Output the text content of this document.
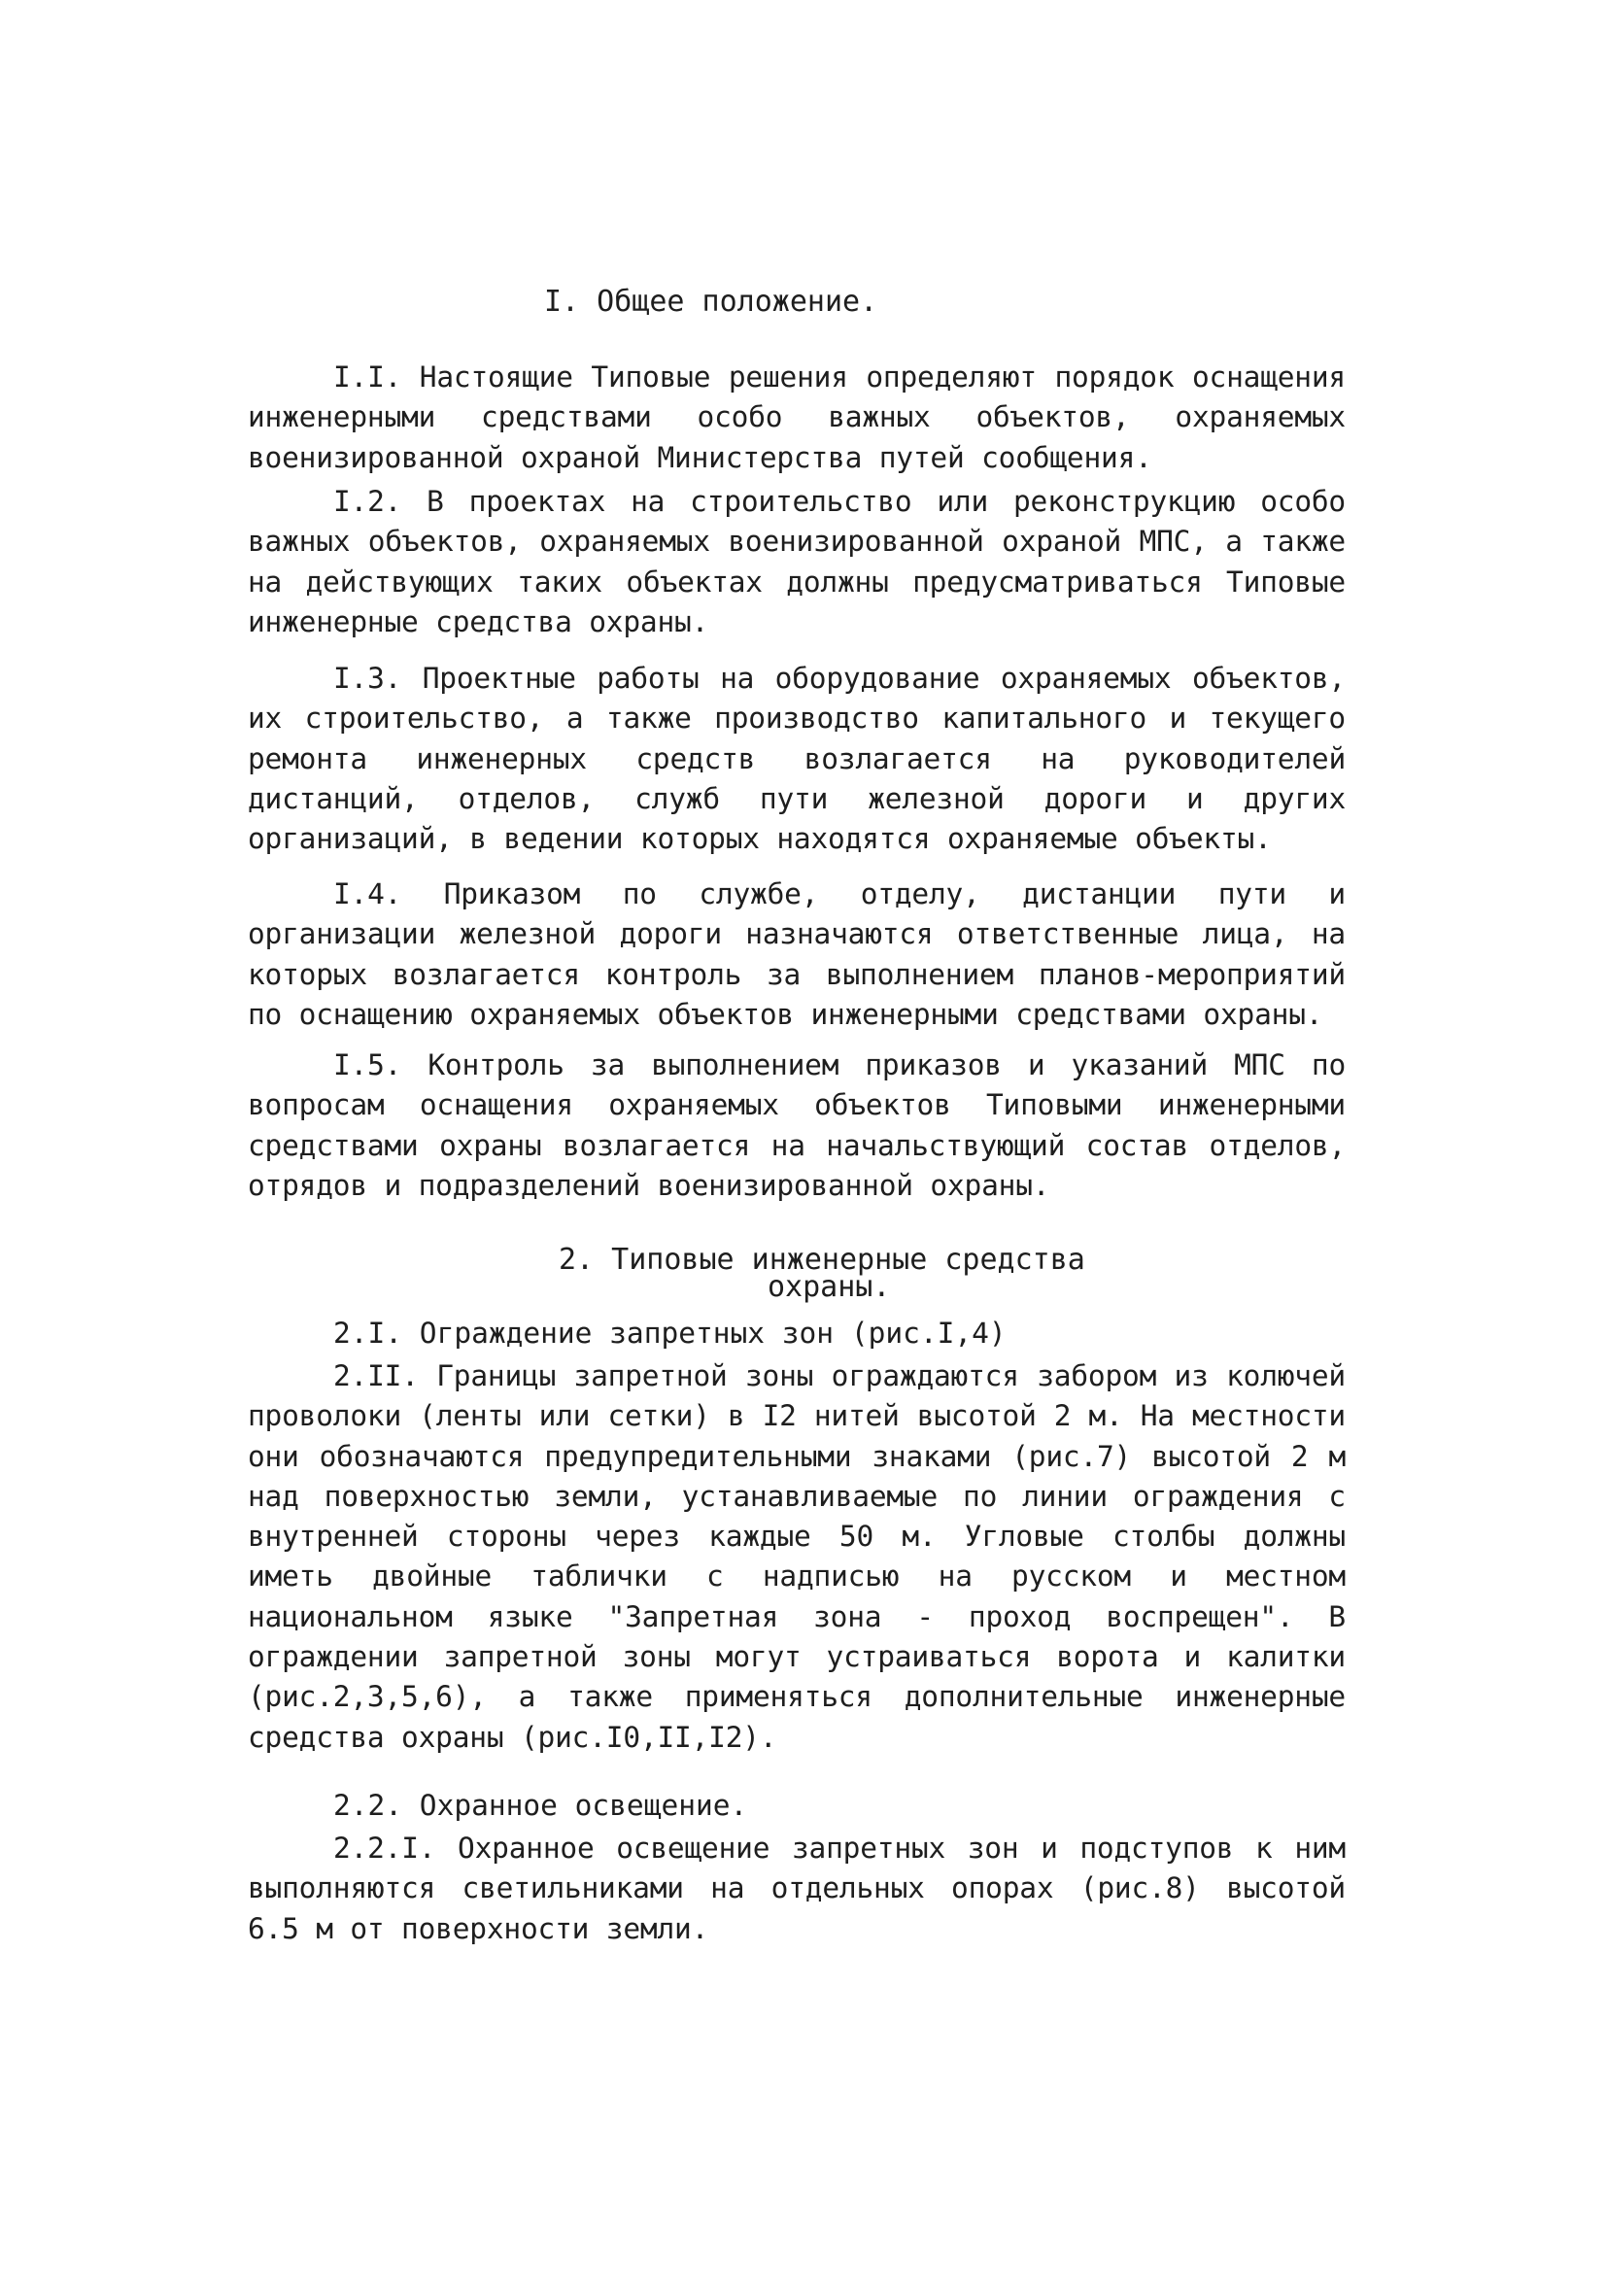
I. Общее положение.
I.I. Настоящие Типовые решения определяют порядок оснащения инженерными средствами особо важных объектов, охраняемых военизированной охраной Министерства путей сообщения.
I.2. В проектах на строительство или реконструкцию особо важных объектов, охраняемых военизированной охраной МПС, а также на действующих таких объектах должны предусматриваться Типовые инженерные средства охраны.
I.3. Проектные работы на оборудование охраняемых объектов, их строительство, а также производство капитального и текущего ремонта инженерных средств возлагается на руководителей дистанций, отделов, служб пути железной дороги и других организаций, в ведении которых находятся охраняемые объекты.
I.4. Приказом по службе, отделу, дистанции пути и организации железной дороги назначаются ответственные лица, на которых возлагается контроль за выполнением планов-мероприятий по оснащению охраняемых объектов инженерными средствами охраны.
I.5. Контроль за выполнением приказов и указаний МПС по вопросам оснащения охраняемых объектов Типовыми инженерными средствами охраны возлагается на начальствующий состав отделов, отрядов и подразделений военизированной охраны.
2. Типовые инженерные средства
охраны.
2.I. Ограждение запретных зон (рис.I,4)
2.II. Границы запретной зоны ограждаются забором из колючей проволоки (ленты или сетки) в I2 нитей высотой 2 м. На местности они обозначаются предупредительными знаками (рис.7) высотой 2 м над поверхностью земли, устанавливаемые по линии ограждения с внутренней стороны через каждые 50 м. Угловые столбы должны иметь двойные таблички с надписью на русском и местном национальном языке "Запретная зона - проход воспрещен". В ограждении запретной зоны могут устраиваться ворота и калитки (рис.2,3,5,6), а также применяться дополнительные инженерные средства охраны (рис.I0,II,I2).
2.2. Охранное освещение.
2.2.I. Охранное освещение запретных зон и подступов к ним выполняются светильниками на отдельных опорах (рис.8) высотой 6.5 м от поверхности земли.
